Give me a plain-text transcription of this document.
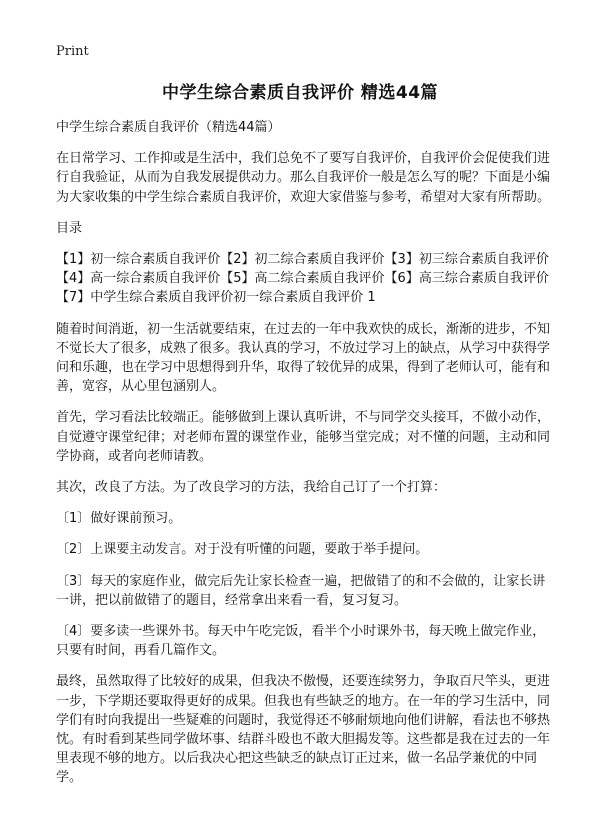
Print
中学生综合素质自我评价 精选44篇

中学生综合素质自我评价（精选44篇）

在日常学习、工作抑或是生活中，我们总免不了要写自我评价，自我评价会促使我们进行自我验证，从而为自我发展提供动力。那么自我评价一般是怎么写的呢？下面是小编为大家收集的中学生综合素质自我评价，欢迎大家借鉴与参考，希望对大家有所帮助。

目录

【1】初一综合素质自我评价【2】初二综合素质自我评价【3】初三综合素质自我评价【4】高一综合素质自我评价【5】高二综合素质自我评价【6】高三综合素质自我评价【7】中学生综合素质自我评价初一综合素质自我评价 1

随着时间消逝，初一生活就要结束，在过去的一年中我欢快的成长，渐渐的进步，不知不觉长大了很多，成熟了很多。我认真的学习，不放过学习上的缺点，从学习中获得学问和乐趣，也在学习中思想得到升华，取得了较优异的成果，得到了老师认可，能有和善，宽容，从心里包涵别人。

首先，学习看法比较端正。能够做到上课认真听讲，不与同学交头接耳，不做小动作，自觉遵守课堂纪律；对老师布置的课堂作业，能够当堂完成；对不懂的问题，主动和同学协商，或者向老师请教。

其次，改良了方法。为了改良学习的方法，我给自己订了一个打算：

〔1〕做好课前预习。

〔2〕上课要主动发言。对于没有听懂的问题，要敢于举手提问。

〔3〕每天的家庭作业，做完后先让家长检查一遍，把做错了的和不会做的，让家长讲一讲，把以前做错了的题目，经常拿出来看一看，复习复习。

〔4〕要多读一些课外书。每天中午吃完饭，看半个小时课外书，每天晚上做完作业，只要有时间，再看几篇作文。

最终，虽然取得了比较好的成果，但我决不傲慢，还要连续努力，争取百尺竿头，更进一步，下学期还要取得更好的成果。但我也有些缺乏的地方。在一年的学习生活中，同学们有时向我提出一些疑难的问题时，我觉得还不够耐烦地向他们讲解，看法也不够热忱。有时看到某些同学做坏事、结群斗殴也不敢大胆揭发等。这些都是我在过去的一年里表现不够的地方。以后我决心把这些缺乏的缺点订正过来，做一名品学兼优的中同学。
